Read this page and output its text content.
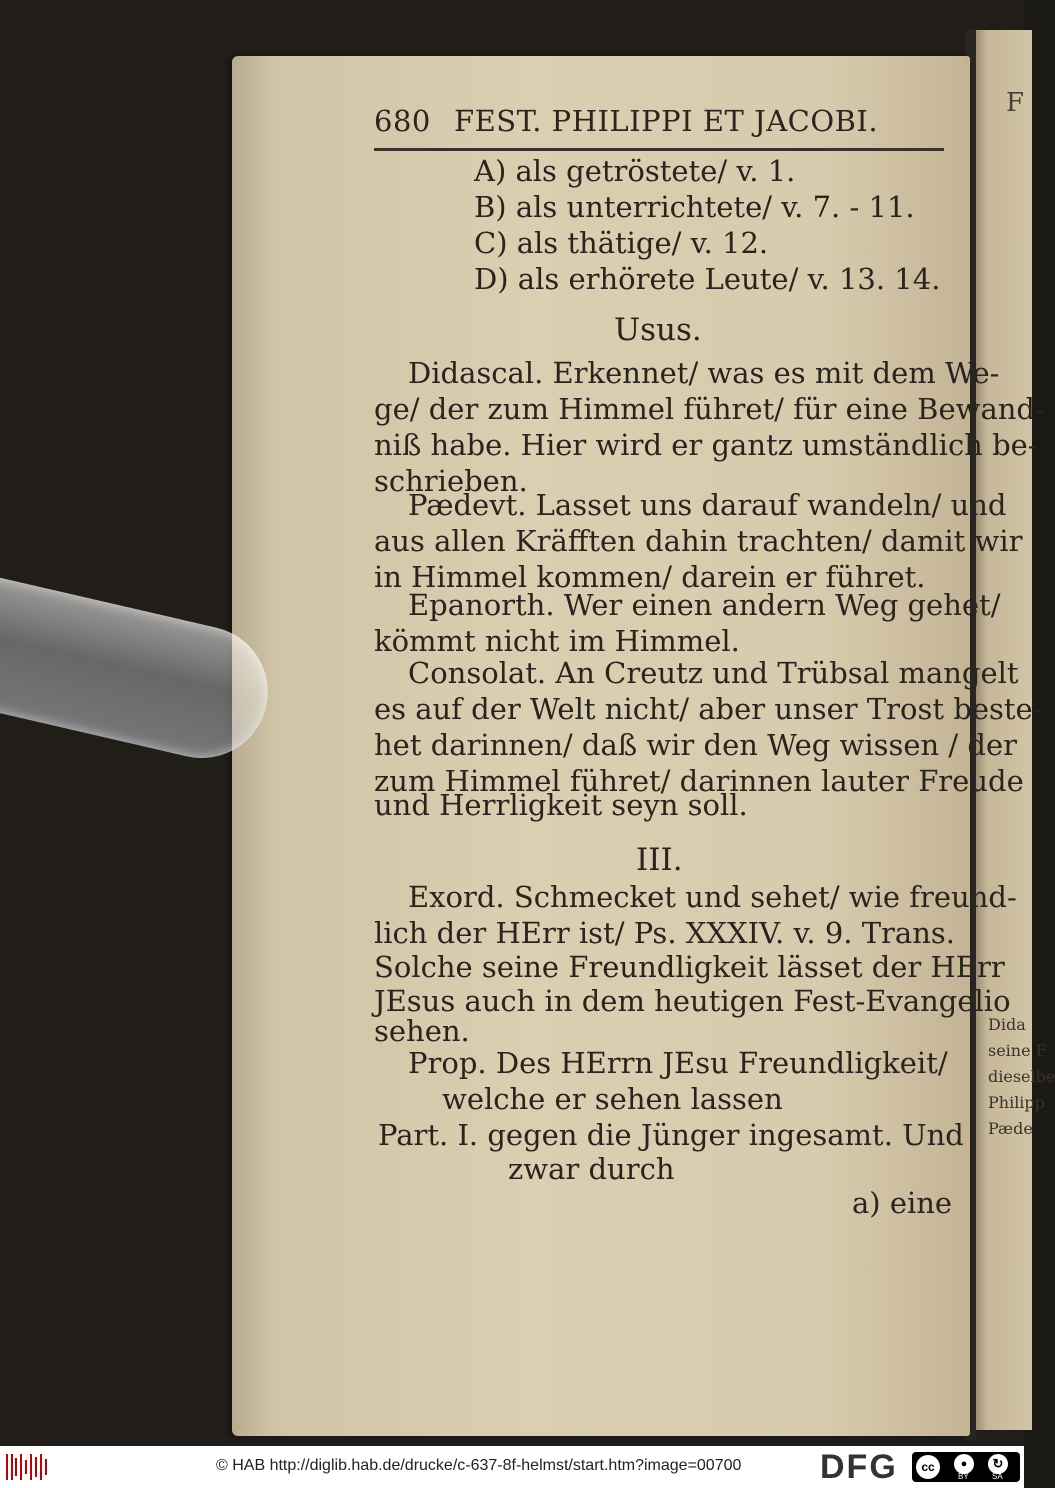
680 FEST. PHILIPPI ET JACOBI.
A) als getröstete/ v. 1.
B) als unterrichtete/ v. 7. - 11.
C) als thätige/ v. 12.
D) als erhörete Leute/ v. 13. 14.
Usus.
Didascal. Erkennet/ was es mit dem We-
ge/ der zum Himmel führet/ für eine Bewand-
niß habe. Hier wird er gantz umständlich be-
schrieben.
Pædevt. Lasset uns darauf wandeln/ und
aus allen Kräfften dahin trachten/ damit wir
in Himmel kommen/ darein er führet.
Epanorth. Wer einen andern Weg gehet/
kömmt nicht im Himmel.
Consolat. An Creutz und Trübsal mangelt
es auf der Welt nicht/ aber unser Trost beste-
het darinnen/ daß wir den Weg wissen / der
zum Himmel führet/ darinnen lauter Freude
und Herrligkeit seyn soll.
III.
Exord. Schmecket und sehet/ wie freund-
lich der HErr ist/ Ps. XXXIV. v. 9. Trans.
Solche seine Freundligkeit lässet der HErr
JEsus auch in dem heutigen Fest-Evangelio
sehen.
Prop. Des HErrn JEsu Freundligkeit/
welche er sehen lassen
Part. I. gegen die Jünger ingesamt. Und
zwar durch
a) eine
F
Dida
seine F
dieselbe
Philipp
Pæde
© HAB http://diglib.hab.de/drucke/c-637-8f-helmst/start.htm?image=00700 DFG	cc	●	↻
BY	SA
